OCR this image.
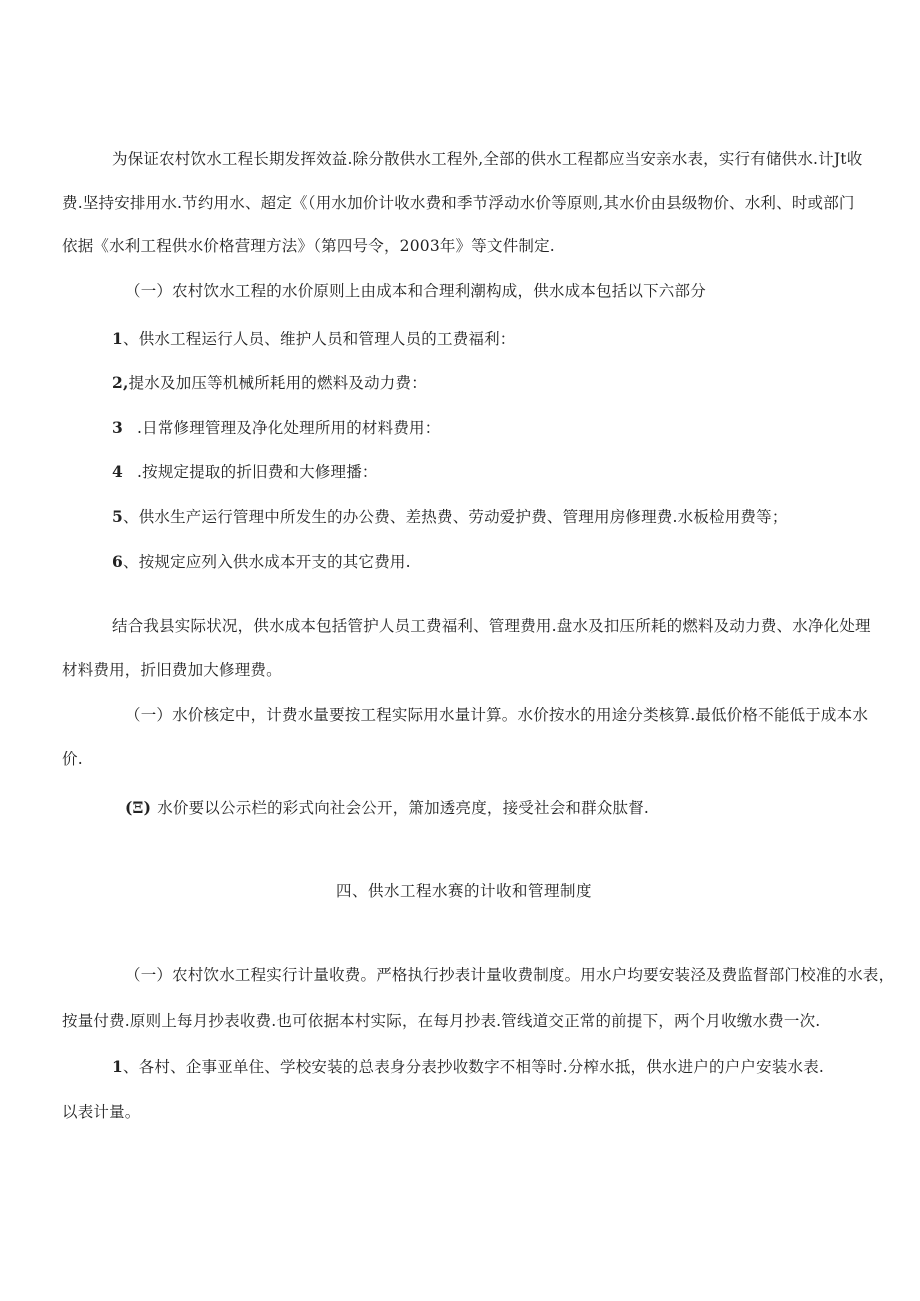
为保证农村饮水工程长期发挥效益.除分散供水工程外,全部的供水工程都应当安亲水表，实行有储供水.计Jt收
费.坚持安排用水.节约用水、超定《（用水加价计收水费和季节浮动水价等原则,其水价由县级物价、水利、时或部门
依据《水利工程供水价格营理方法》（第四号令，2003年》等文件制定.
（一）农村饮水工程的水价原则上由成本和合理利潮构成，供水成本包括以下六部分
1、供水工程运行人员、维护人员和管理人员的工费福利：
2,提水及加压等机械所耗用的燃料及动力费：
3 .日常修理管理及净化处理所用的材料费用：
4 .按规定提取的折旧费和大修理播：
5、供水生产运行管理中所发生的办公费、差热费、劳动爱护费、管理用房修理费.水板检用费等；
6、按规定应列入供水成本开支的其它费用.
结合我县实际状况，供水成本包括管护人员工费福利、管理费用.盘水及扣压所耗的燃料及动力费、水净化处理
材料费用，折旧费加大修理费。
（一）水价核定中，计费水量要按工程实际用水量计算。水价按水的用途分类核算.最低价格不能低于成本水
价.
(Ξ) 水价要以公示栏的彩式向社会公开，箫加透亮度，接受社会和群众肽督.
四、供水工程水赛的计收和管理制度
（一）农村饮水工程实行计量收费。严格执行抄表计量收费制度。用水户均要安装泾及费监督部门校准的水表，
按量付费.原则上每月抄表收费.也可依据本村实际，在每月抄表.管线道交正常的前提下，两个月收缴水费一次.
1、各村、企事亚单住、学校安装的总表身分表抄收数字不相等时.分榨水抵，供水进户的户户安装水表.
以表计量。
